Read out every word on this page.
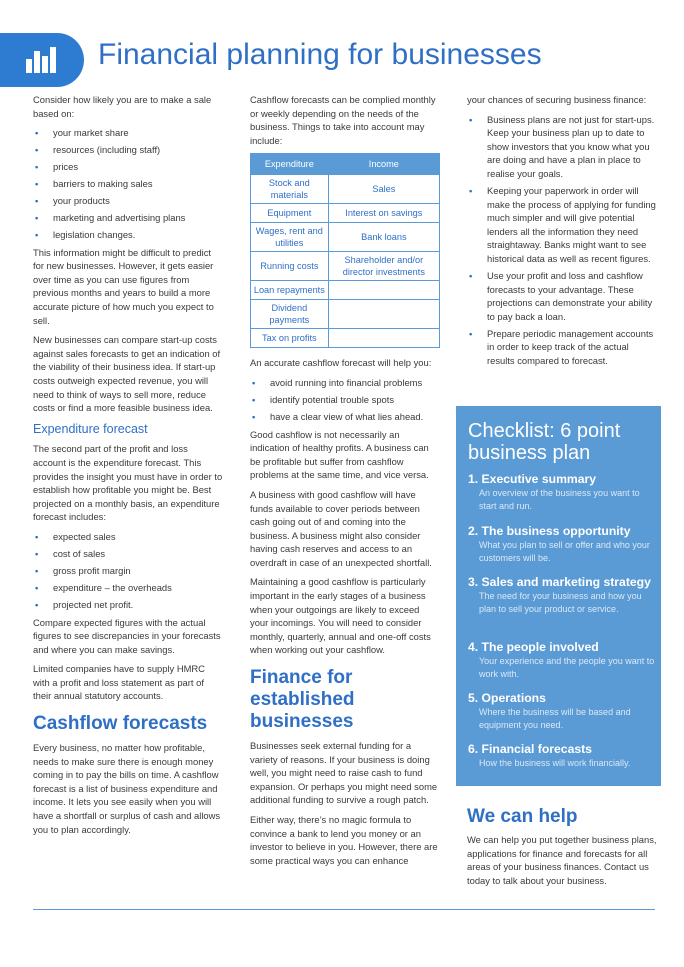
Financial planning for businesses

Consider how likely you are to make a sale based on:

• your market share
• resources (including staff)
• prices
• barriers to making sales
• your products
• marketing and advertising plans
• legislation changes.

This information might be difficult to predict for new businesses. However, it gets easier over time as you can use figures from previous months and years to build a more accurate picture of how much you expect to sell.

New businesses can compare start-up costs against sales forecasts to get an indication of the viability of their business idea. If start-up costs outweigh expected revenue, you will need to think of ways to sell more, reduce costs or find a more feasible business idea.

Expenditure forecast

The second part of the profit and loss account is the expenditure forecast. This provides the insight you must have in order to establish how profitable you might be. Best projected on a monthly basis, an expenditure forecast includes:

• expected sales
• cost of sales
• gross profit margin
• expenditure – the overheads
• projected net profit.

Compare expected figures with the actual figures to see discrepancies in your forecasts and where you can make savings.

Limited companies have to supply HMRC with a profit and loss statement as part of their annual statutory accounts.

Cashflow forecasts

Every business, no matter how profitable, needs to make sure there is enough money coming in to pay the bills on time. A cashflow forecast is a list of business expenditure and income. It lets you see easily when you will have a shortfall or surplus of cash and allows you to plan accordingly.

Cashflow forecasts can be complied monthly or weekly depending on the needs of the business. Things to take into account may include:

Expenditure	Income
Stock and materials	Sales
Equipment	Interest on savings
Wages, rent and utilities	Bank loans
Running costs	Shareholder and/or director investments
Loan repayments	
Dividend payments	
Tax on profits	

An accurate cashflow forecast will help you:

• avoid running into financial problems
• identify potential trouble spots
• have a clear view of what lies ahead.

Good cashflow is not necessarily an indication of healthy profits. A business can be profitable but suffer from cashflow problems at the same time, and vice versa.

A business with good cashflow will have funds available to cover periods between cash going out of and coming into the business. A business might also consider having cash reserves and access to an overdraft in case of an unexpected shortfall.

Maintaining a good cashflow is particularly important in the early stages of a business when your outgoings are likely to exceed your incomings. You will need to consider monthly, quarterly, annual and one-off costs when working out your cashflow.

Finance for established businesses

Businesses seek external funding for a variety of reasons. If your business is doing well, you might need to raise cash to fund expansion. Or perhaps you might need some additional funding to survive a rough patch.

Either way, there’s no magic formula to convince a bank to lend you money or an investor to believe in you. However, there are some practical ways you can enhance

your chances of securing business finance:

• Business plans are not just for start-ups. Keep your business plan up to date to show investors that you know what you are doing and have a plan in place to realise your goals.
• Keeping your paperwork in order will make the process of applying for funding much simpler and will give potential lenders all the information they need straightaway. Banks might want to see historical data as well as recent figures.
• Use your profit and loss and cashflow forecasts to your advantage. These projections can demonstrate your ability to pay back a loan.
• Prepare periodic management accounts in order to keep track of the actual results compared to forecast.
Checklist: 6 point business plan
1. Executive summary
An overview of the business you want to start and run.
2. The business opportunity
What you plan to sell or offer and who your customers will be.
3. Sales and marketing strategy
The need for your business and how you plan to sell your product or service.
4. The people involved
Your experience and the people you want to work with.
5. Operations
Where the business will be based and equipment you need.
6. Financial forecasts
How the business will work financially.
We can help
We can help you put together business plans, applications for finance and forecasts for all areas of your business finances. Contact us today to talk about your business.
